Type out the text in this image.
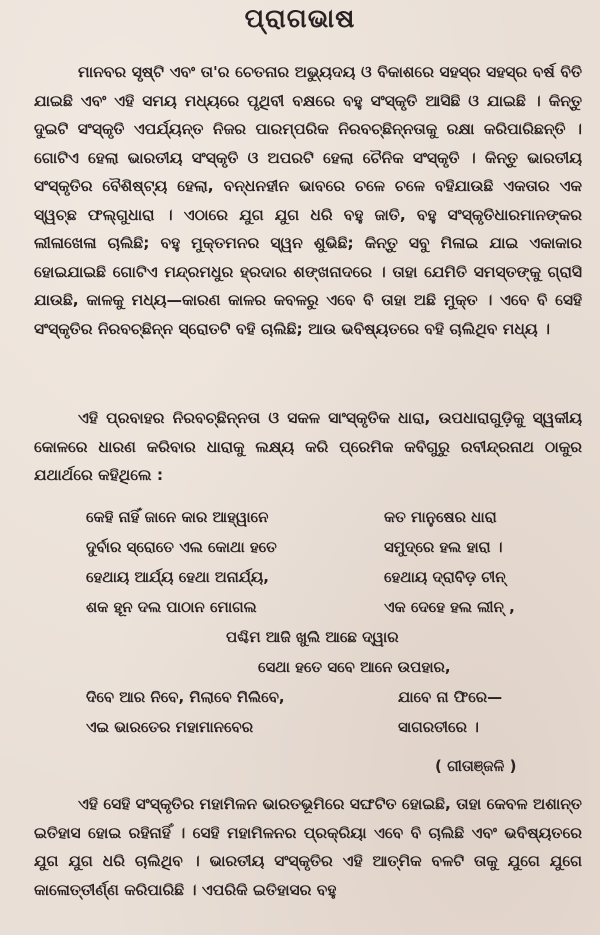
ପ୍ରାଗଭାଷ

ମାନବର ସୃଷ୍ଟି ଏବଂ ତା'ର ଚେତନାର ଅଭ୍ୟୁଦୟ ଓ ବିକାଶରେ ସହସ୍ର ସହସ୍ର ବର୍ଷ ବିତି ଯାଇଛି ଏବଂ ଏହି ସମୟ ମଧ୍ୟରେ ପୃଥିବୀ ବକ୍ଷରେ ବହୁ ସଂସ୍କୃତି ଆସିଛି ଓ ଯାଇଛି । କିନ୍ତୁ ଦୁଇଟି ସଂସ୍କୃତି ଏପର୍ଯ୍ୟନ୍ତ ନିଜର ପାରମ୍ପରିକ ନିରବଚ୍ଛିନ୍ନତାକୁ ରକ୍ଷା କରିପାରିଛନ୍ତି । ଗୋଟିଏ ହେଲା ଭାରତୀୟ ସଂସ୍କୃତି ଓ ଅପରଟି ହେଲା ଚୈନିକ ସଂସ୍କୃତି । କିନ୍ତୁ ଭାରତୀୟ ସଂସ୍କୃତିର ବୈଶିଷ୍ଟ୍ୟ ହେଲା, ବନ୍ଧନହୀନ ଭାବରେ ଚଳେ ଚଳେ ବହିଯାଉଛି ଏକତାର ଏକ ସ୍ୱଚ୍ଛ ଫଲ୍ଗୁଧାରା । ଏଠାରେ ଯୁଗ ଯୁଗ ଧରି ବହୁ ଜାତି, ବହୁ ସଂସ୍କୃତିଧାରମାନଙ୍କର ଲୀଳାଖେଳା ଚାଲିଛି; ବହୁ ମୁକ୍ତମନର ସ୍ୱନ ଶୁଭିଛି; କିନ୍ତୁ ସବୁ ମିଳାଇ ଯାଇ ଏକାକାର ହୋଇଯାଇଛି ଗୋଟିଏ ମନ୍ଦ୍ରମଧୁର ହ୍ରଦାର ଶଙ୍ଖନାଦରେ । ତାହା ଯେମିତି ସମସ୍ତଙ୍କୁ ଗ୍ରାସି ଯାଉଛି, କାଳକୁ ମଧ୍ୟ—କାରଣ କାଳର କବଳରୁ ଏବେ ବି ତାହା ଅଛି ମୁକ୍ତ । ଏବେ ବି ସେହି ସଂସ୍କୃତିର ନିରବଚ୍ଛିନ୍ନ ସ୍ରୋତଟି ବହି ଚାଲିଛି; ଆଉ ଭବିଷ୍ୟତରେ ବହି ଚାଲିଥିବ ମଧ୍ୟ ।

ଏହି ପ୍ରବାହର ନିରବଚ୍ଛିନ୍ନତା ଓ ସକଳ ସାଂସ୍କୃତିକ ଧାରା, ଉପଧାରାଗୁଡ଼ିକୁ ସ୍ୱକୀୟ କୋଳରେ ଧାରଣ କରିବାର ଧାରାକୁ ଲକ୍ଷ୍ୟ କରି ପ୍ରେମିକ କବିଗୁରୁ ରବୀନ୍ଦ୍ରନାଥ ଠାକୁର ଯଥାର୍ଥରେ କହିଥିଲେ :

କେହି ନାହିଁ ଜାନେ କାର ଆହ୍ୱାନେ	କତ ମାନୁଷେର ଧାରା

ଦୁର୍ବାର ସ୍ରୋତେ ଏଲ କୋଥା ହତେ	ସମୁଦ୍ରେ ହଲ ହାରା ।

ହେଥାୟ ଆର୍ଯ୍ୟ ହେଥା ଅନାର୍ଯ୍ୟ,	ହେଥାୟ ଦ୍ରାବିଡ଼ ଚୀନ୍

ଶକ ହୂନ ଦଲ ପାଠାନ ମୋଗଲ	ଏକ ଦେହେ ହଲ ଲୀନ୍ ,

ପଶ୍ଚିମ ଆଜି ଖୁଲି ଆଛେ ଦ୍ୱାର

ସେଥା ହତେ ସବେ ଆନେ ଉପହାର,

ଦିବେ ଆର ନିବେ, ମିଲାବେ ମିଲିବେ,	ଯାବେ ନା ଫିରେ—

ଏଇ ଭାରତେର ମହାମାନବେର	ସାଗରତୀରେ ।

( ଗୀତାଞ୍ଜଳି )

ଏହି ସେହି ସଂସ୍କୃତିର ମହାମିଳନ ଭାରତଭୂମିରେ ସଙ୍ଘଟିତ ହୋଇଛି, ତାହା କେବଳ ଅଶାନ୍ତ ଇତିହାସ ହୋଇ ରହିନାହିଁ । ସେହି ମହାମିଳନର ପ୍ରକ୍ରିୟା ଏବେ ବି ଚାଲିଛି ଏବଂ ଭବିଷ୍ୟତରେ ଯୁଗ ଯୁଗ ଧରି ଚାଲିଥିବ । ଭାରତୀୟ ସଂସ୍କୃତିର ଏହି ଆତ୍ମିକ ବଳଟି ତାକୁ ଯୁଗେ ଯୁଗେ କାଳୋତ୍ତୀର୍ଣ୍ଣ କରିପାରିଛି । ଏପରିକି ଇତିହାସର ବହୁ
